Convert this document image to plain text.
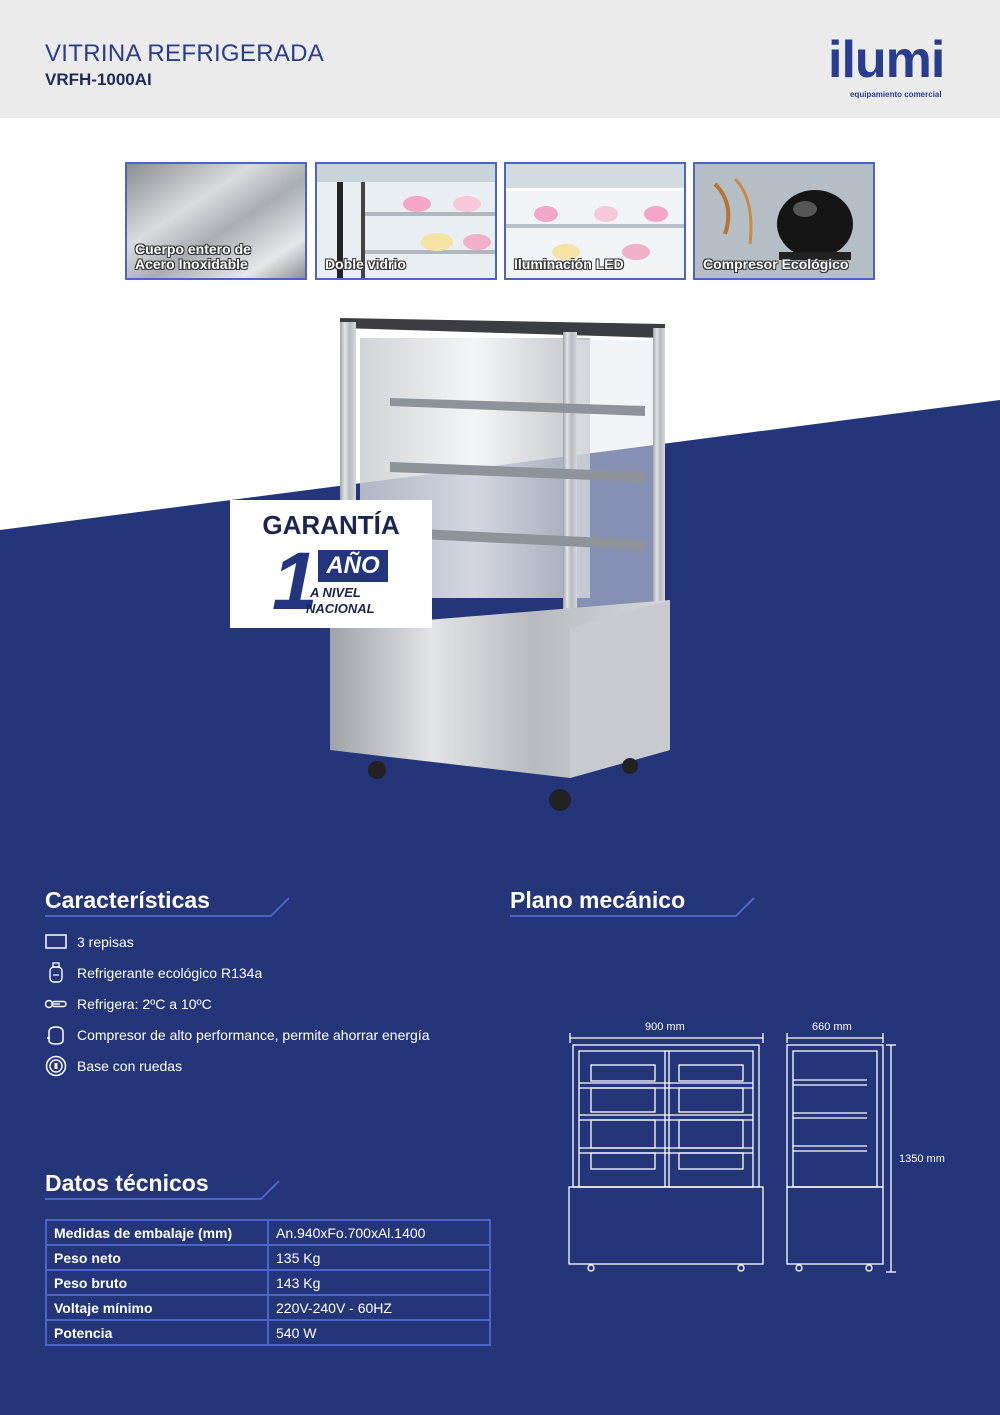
VITRINA REFRIGERADA
VRFH-1000AI	ilumi
equipamiento comercial
Cuerpo entero de Acero Inoxidable	Doble vidrio	Iluminación LED	Compresor Ecológico
GARANTÍA
1 AÑO
A NIVEL
NACIONAL
Características
3 repisas
Refrigerante ecológico R134a
Refrigera: 2ºC a 10ºC
Compresor de alto performance, permite ahorrar energía
Base con ruedas
Datos técnicos
Medidas de embalaje (mm)	An.940xFo.700xAl.1400
Peso neto	135 Kg
Peso bruto	143 Kg
Voltaje mínimo	220V-240V - 60HZ
Potencia	540 W
Plano mecánico
900 mm	660 mm
1350 mm
